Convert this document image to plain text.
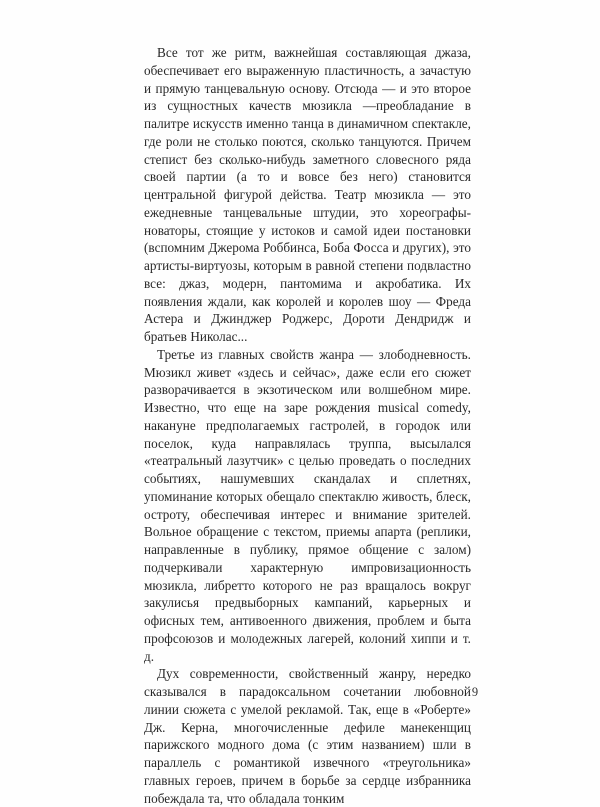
Все тот же ритм, важнейшая составляющая джаза, обеспечивает его выраженную пластичность, а зачастую и прямую танцевальную основу. Отсюда — и это второе из сущностных качеств мюзикла —преобладание в палитре искусств именно танца в динамичном спектакле, где роли не столько поются, сколько танцуются. Причем степист без сколько-нибудь заметного словесного ряда своей партии (а то и вовсе без него) становится центральной фигурой действа. Театр мюзикла — это ежедневные танцевальные штудии, это хореографы-новаторы, стоящие у истоков и самой идеи постановки (вспомним Джерома Роббинса, Боба Фосса и других), это артисты-виртуозы, которым в равной степени подвластно все: джаз, модерн, пантомима и акробатика. Их появления ждали, как королей и королев шоу — Фреда Астера и Джинджер Роджерс, Дороти Дендридж и братьев Николас...

Третье из главных свойств жанра — злободневность. Мюзикл живет «здесь и сейчас», даже если его сюжет разворачивается в экзотическом или волшебном мире. Известно, что еще на заре рождения musical comedy, накануне предполагаемых гастролей, в городок или поселок, куда направлялась труппа, высылался «театральный лазутчик» с целью проведать о последних событиях, нашумевших скандалах и сплетнях, упоминание которых обещало спектаклю живость, блеск, остроту, обеспечивая интерес и внимание зрителей. Вольное обращение с текстом, приемы апарта (реплики, направленные в публику, прямое общение с залом) подчеркивали характерную импровизационность мюзикла, либретто которого не раз вращалось вокруг закулисья предвыборных кампаний, карьерных и офисных тем, антивоенного движения, проблем и быта профсоюзов и молодежных лагерей, колоний хиппи и т. д.

Дух современности, свойственный жанру, нередко сказывался в парадоксальном сочетании любовной линии сюжета с умелой рекламой. Так, еще в «Роберте» Дж. Керна, многочисленные дефиле манекенщиц парижского модного дома (с этим названием) шли в параллель с романтикой извечного «треугольника» главных героев, причем в борьбе за сердце избранника побеждала та, что обладала тонким

9
